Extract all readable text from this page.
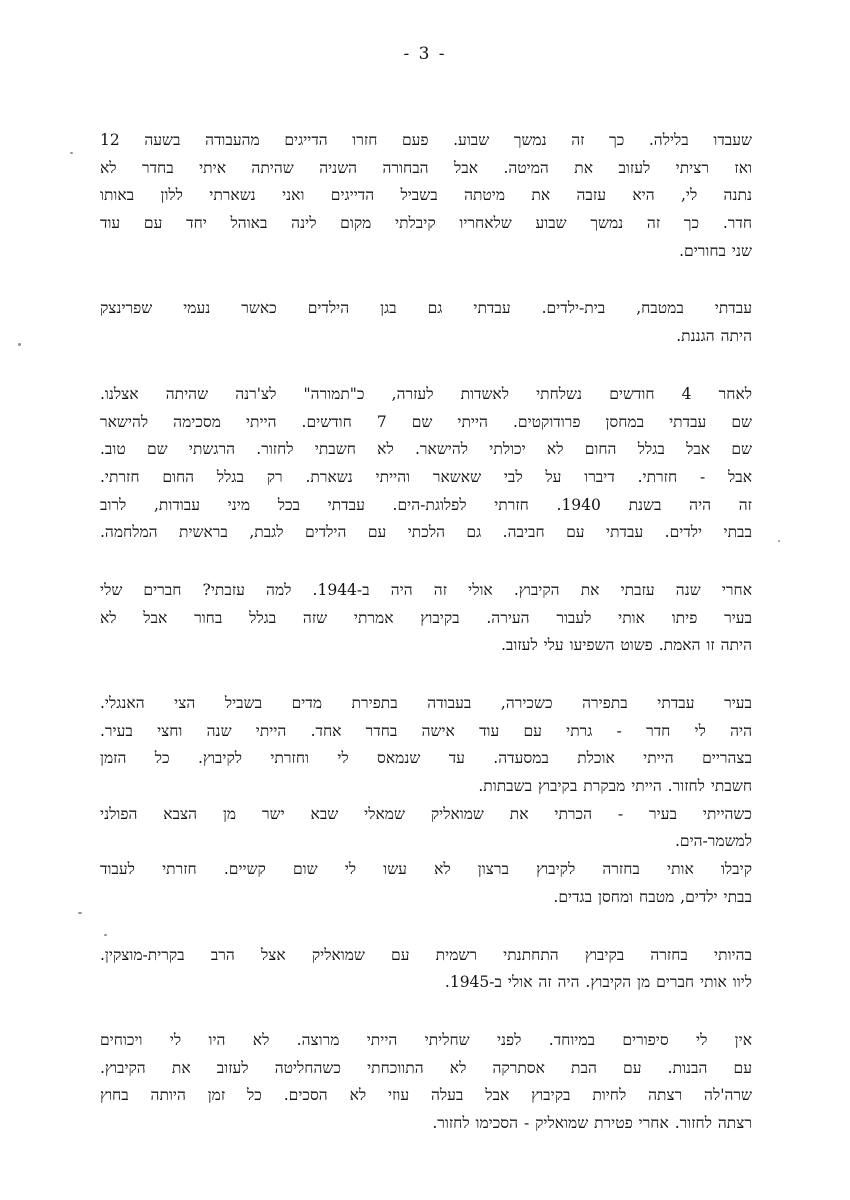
- 3 -
שעבדו בלילה. כך זה נמשך שבוע. פעם חזרו הדייגים מהעבודה בשעה 12
ואז רציתי לעזוב את המיטה. אבל הבחורה השניה שהיתה איתי בחדר לא
נתנה לי, היא עזבה את מיטתה בשביל הדייגים ואני נשארתי ללון באותו
חדר. כך זה נמשך שבוע שלאחריו קיבלתי מקום לינה באוהל יחד עם עוד
שני בחורים.
עבדתי במטבח, בית-ילדים. עבדתי גם בגן הילדים כאשר נעמי שפרינצק
היתה הגננת.
לאחר 4 חודשים נשלחתי לאשדות לעזרה, כ"תמורה" לצ'רנה שהיתה אצלנו.
שם עבדתי במחסן פרודוקטים. הייתי שם 7 חודשים. הייתי מסכימה להישאר
שם אבל בגלל החום לא יכולתי להישאר. לא חשבתי לחזור. הרגשתי שם טוב.
אבל - חזרתי. דיברו על לבי שאשאר והייתי נשארת. רק בגלל החום חזרתי.
זה היה בשנת 1940. חזרתי לפלוגת-הים. עבדתי בכל מיני עבודות, לרוב
בבתי ילדים. עבדתי עם חביבה. גם הלכתי עם הילדים לגבת, בראשית המלחמה.
אחרי שנה עזבתי את הקיבוץ. אולי זה היה ב-1944. למה עזבתי? חברים שלי
בעיר פיתו אותי לעבור העירה. בקיבוץ אמרתי שזה בגלל בחור אבל לא
היתה זו האמת. פשוט השפיעו עלי לעזוב.
בעיר עבדתי בתפירה כשכירה, בעבודה בתפירת מדים בשביל הצי האנגלי.
היה לי חדר - גרתי עם עוד אישה בחדר אחד. הייתי שנה וחצי בעיר.
בצהריים הייתי אוכלת במסעדה. עד שנמאס לי וחזרתי לקיבוץ. כל הזמן
חשבתי לחזור. הייתי מבקרת בקיבוץ בשבתות.
כשהייתי בעיר - הכרתי את שמואליק שמאלי שבא ישר מן הצבא הפולני
למשמר-הים.
קיבלו אותי בחזרה לקיבוץ ברצון לא עשו לי שום קשיים. חזרתי לעבוד
בבתי ילדים, מטבח ומחסן בגדים.
בהיותי בחזרה בקיבוץ התחתנתי רשמית עם שמואליק אצל הרב בקרית-מוצקין.
ליוו אותי חברים מן הקיבוץ. היה זה אולי ב-1945.
אין לי סיפורים במיוחד. לפני שחליתי הייתי מרוצה. לא היו לי ויכוחים
עם הבנות. עם הבת אסתרקה לא התווכחתי כשהחליטה לעזוב את הקיבוץ.
שרה'לה רצתה לחיות בקיבוץ אבל בעלה עוזי לא הסכים. כל זמן היותה בחוץ
רצתה לחזור. אחרי פטירת שמואליק - הסכימו לחזור.
